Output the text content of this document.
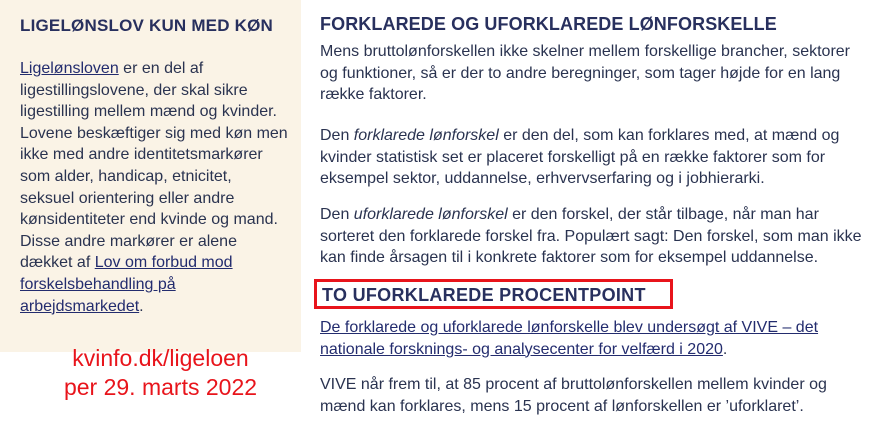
LIGELØNSLOV KUN MED KØN

Ligelønsloven er en del af ligestillingslovene, der skal sikre ligestilling mellem mænd og kvinder. Lovene beskæftiger sig med køn men ikke med andre identitetsmarkører som alder, handicap, etnicitet, seksuel orientering eller andre kønsidentiteter end kvinde og mand. Disse andre markører er alene dækket af Lov om forbud mod forskelsbehandling på arbejdsmarkedet.

kvinfo.dk/ligeloen
per 29. marts 2022
FORKLAREDE OG UFORKLAREDE LØNFORSKELLE

Mens bruttolønforskellen ikke skelner mellem forskellige brancher, sektorer og funktioner, så er der to andre beregninger, som tager højde for en lang række faktorer.

Den forklarede lønforskel er den del, som kan forklares med, at mænd og kvinder statistisk set er placeret forskelligt på en række faktorer som for eksempel sektor, uddannelse, erhvervserfaring og i jobhierarki.

Den uforklarede lønforskel er den forskel, der står tilbage, når man har sorteret den forklarede forskel fra. Populært sagt: Den forskel, som man ikke kan finde årsagen til i konkrete faktorer som for eksempel uddannelse.

TO UFORKLAREDE PROCENTPOINT

De forklarede og uforklarede lønforskelle blev undersøgt af VIVE – det nationale forsknings- og analysecenter for velfærd i 2020.

VIVE når frem til, at 85 procent af bruttolønforskellen mellem kvinder og mænd kan forklares, mens 15 procent af lønforskellen er ’uforklaret’.
